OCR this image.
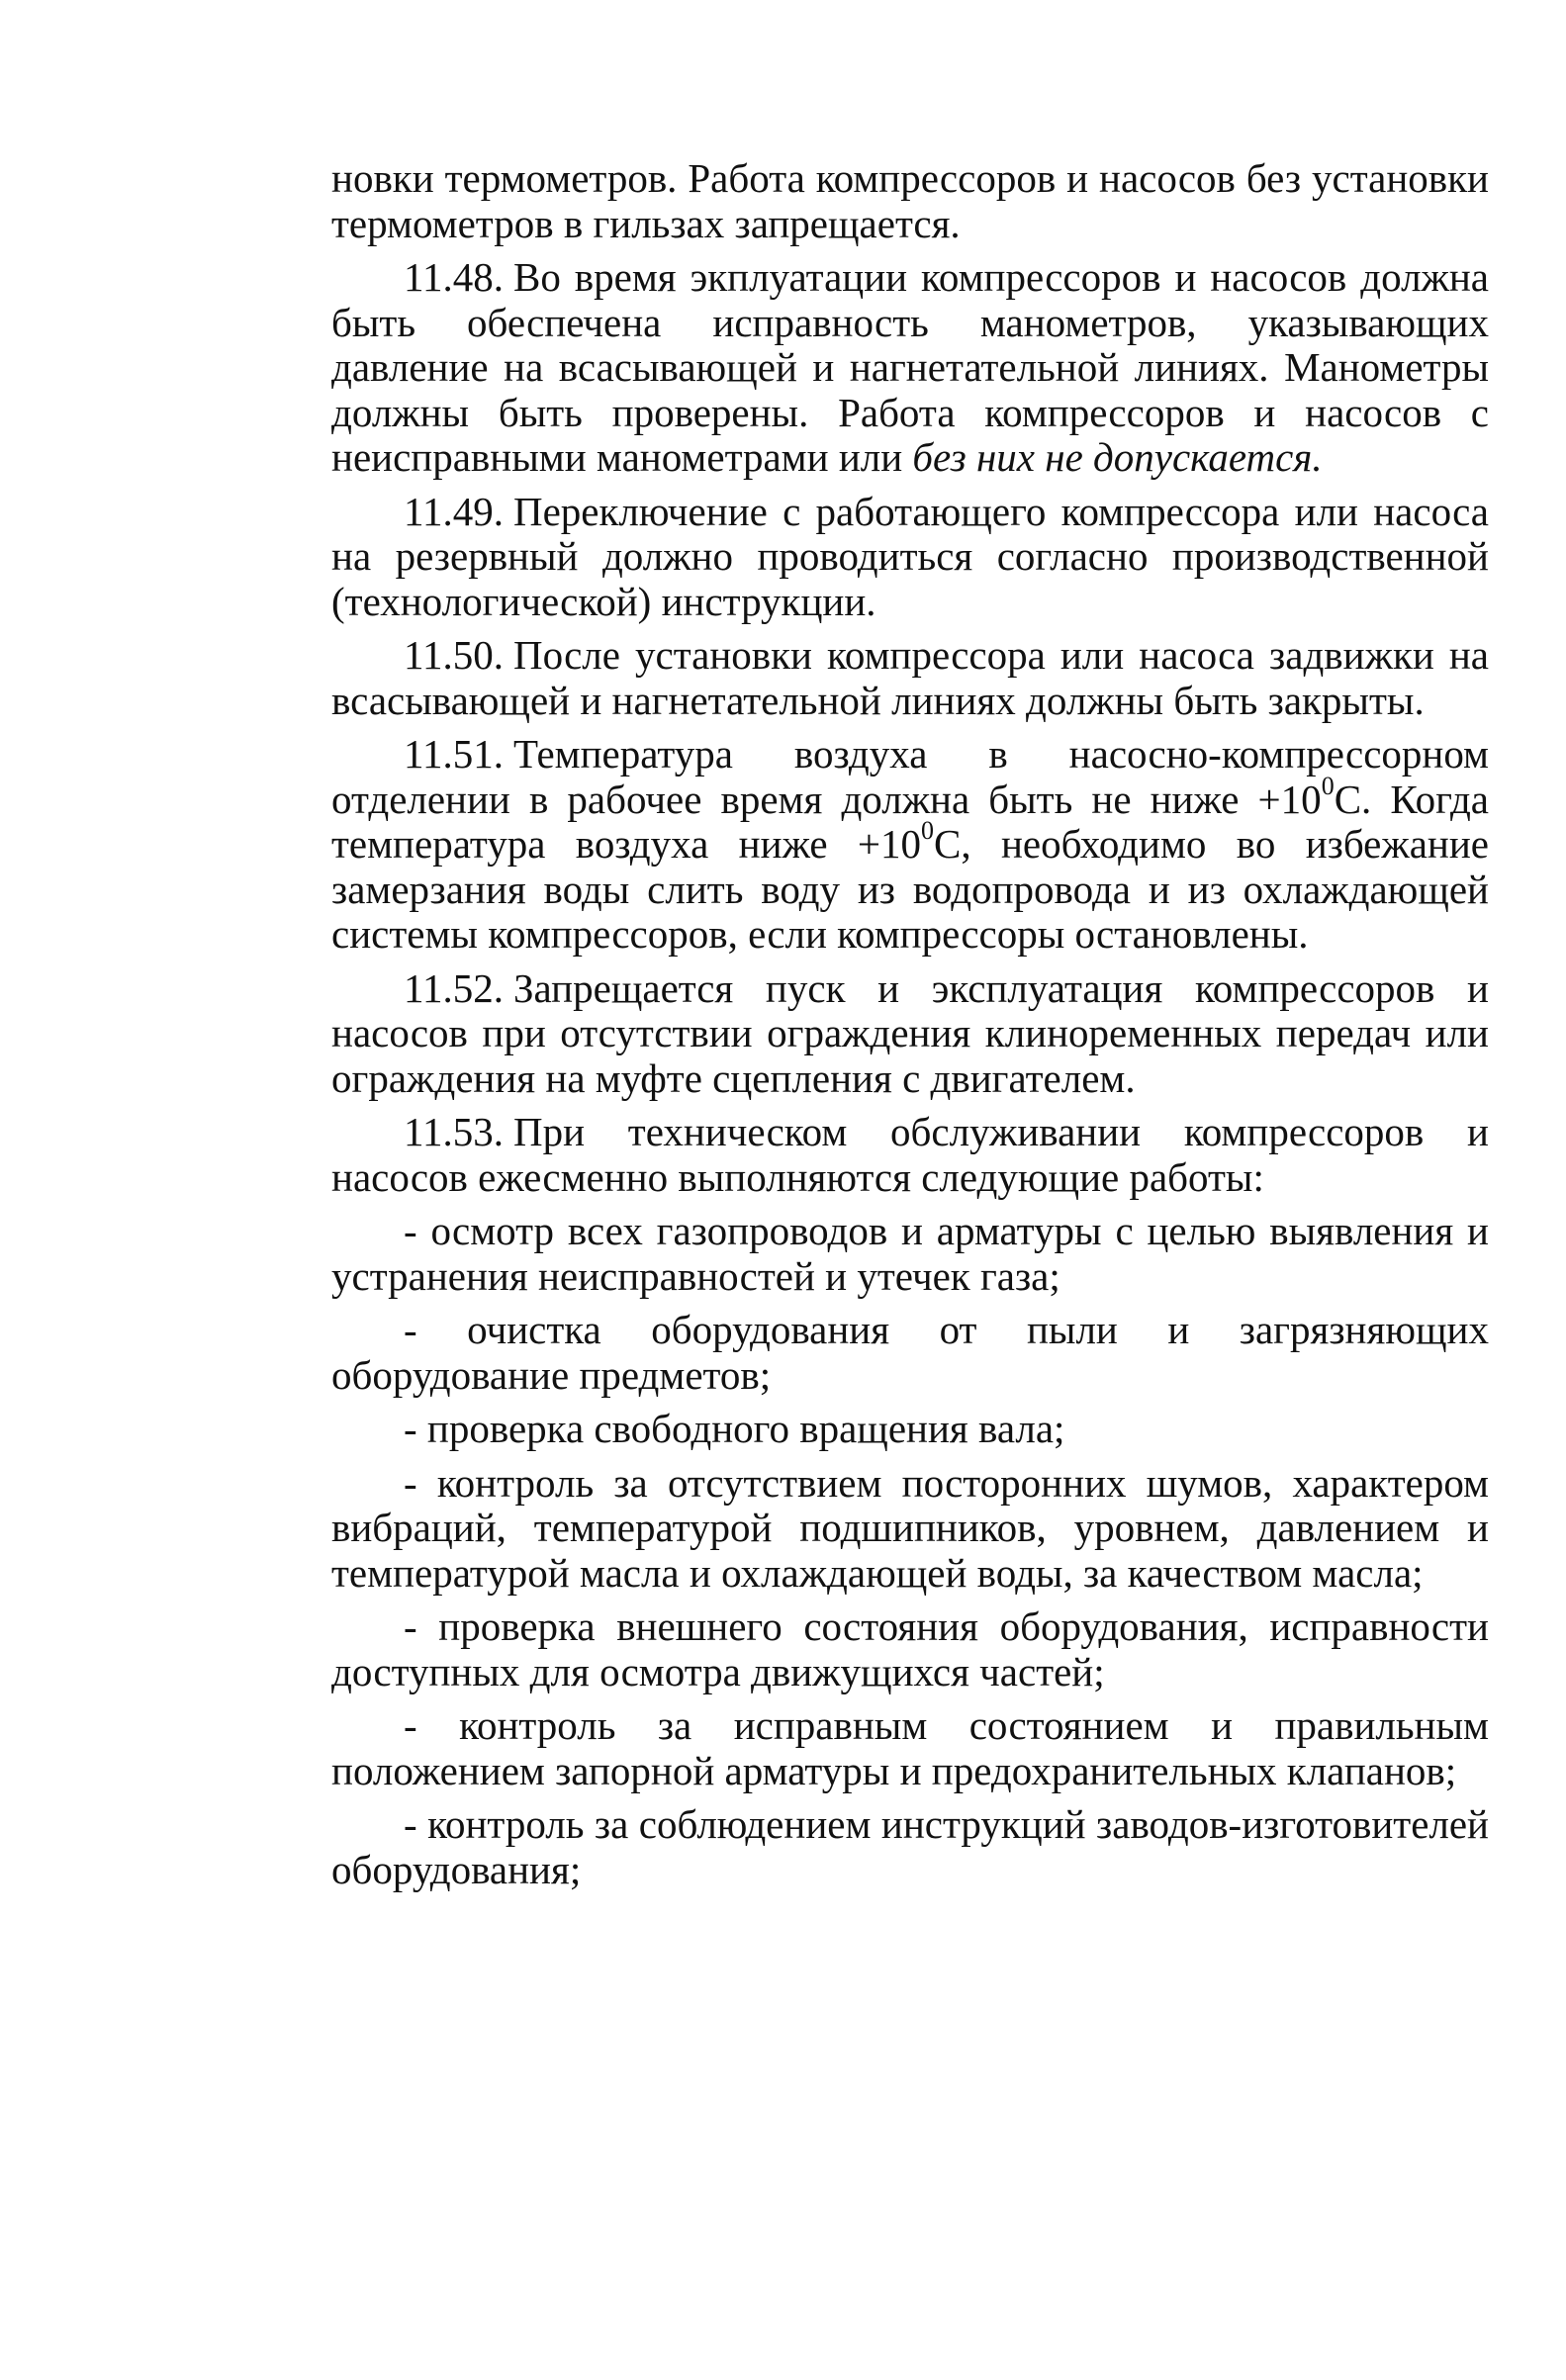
новки термометров. Работа компрессоров и насосов без установки термометров в гильзах запрещается.

11.48. Во время экплуатации компрессоров и насосов должна быть обеспечена исправность манометров, указывающих давление на всасывающей и нагнетательной линиях. Манометры должны быть проверены. Работа компрессоров и насосов с неисправными манометрами или без них не допускается.

11.49. Переключение с работающего компрессора или насоса на резервный должно проводиться согласно производственной (технологической) инструкции.

11.50. После установки компрессора или насоса задвижки на всасывающей и нагнетательной линиях должны быть закрыты.

11.51. Температура воздуха в насосно-компрессорном отделении в рабочее время должна быть не ниже $+10^0С$. Когда температура воздуха ниже $+10^0С$, необходимо во избежание замерзания воды слить воду из водопровода и из охлаждающей системы компрессоров, если компрессоры остановлены.

11.52. Запрещается пуск и эксплуатация компрессоров и насосов при отсутствии ограждения клиноременных передач или ограждения на муфте сцепления с двигателем.

11.53. При техническом обслуживании компрессоров и насосов ежесменно выполняются следующие работы:

- осмотр всех газопроводов и арматуры с целью выявления и устранения неисправностей и утечек газа;

- очистка оборудования от пыли и загрязняющих оборудование предметов;

- проверка свободного вращения вала;

- контроль за отсутствием посторонних шумов, характером вибраций, температурой подшипников, уровнем, давлением и температурой масла и охлаждающей воды, за качеством масла;

- проверка внешнего состояния оборудования, исправности доступных для осмотра движущихся частей;

- контроль за исправным состоянием и правильным положением запорной арматуры и предохранительных клапанов;

- контроль за соблюдением инструкций заводов-изготовителей оборудования;
